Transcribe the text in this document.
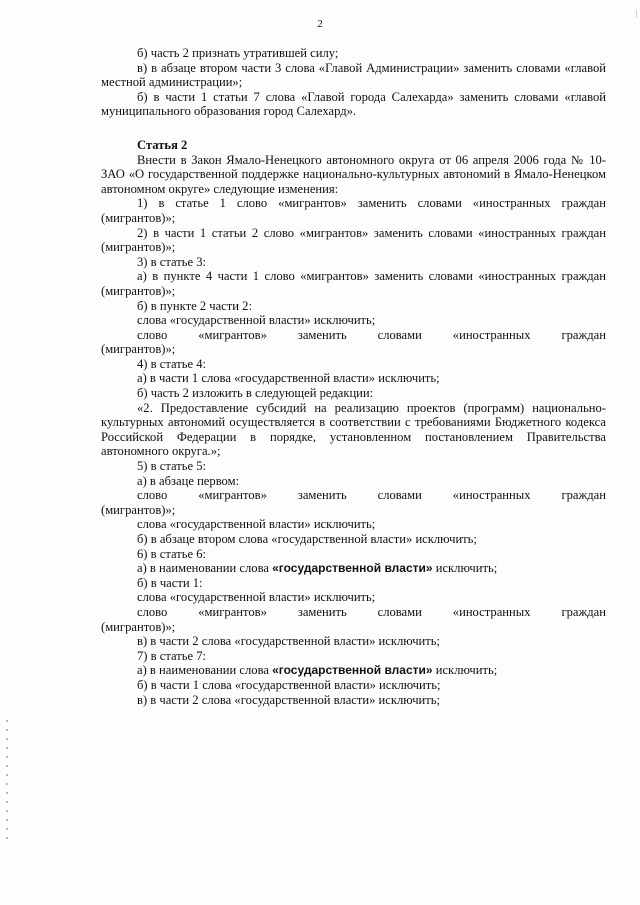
2

б) часть 2 признать утратившей силу;

в) в абзаце втором части 3 слова «Главой Администрации» заменить словами «главой местной администрации»;

б) в части 1 статьи 7 слова «Главой города Салехарда» заменить словами «главой муниципального образования город Салехард».

Статья 2

Внести в Закон Ямало-Ненецкого автономного округа от 06 апреля 2006 года № 10-ЗАО «О государственной поддержке национально-культурных автономий в Ямало-Ненецком автономном округе» следующие изменения:

1) в статье 1 слово «мигрантов» заменить словами «иностранных граждан (мигрантов)»;

2) в части 1 статьи 2 слово «мигрантов» заменить словами «иностранных граждан (мигрантов)»;

3) в статье 3:

а) в пункте 4 части 1 слово «мигрантов» заменить словами «иностранных граждан (мигрантов)»;

б) в пункте 2 части 2:

слова «государственной власти» исключить;

слово «мигрантов» заменить словами «иностранных граждан

(мигрантов)»;

4) в статье 4:

а) в части 1 слова «государственной власти» исключить;

б) часть 2 изложить в следующей редакции:

«2. Предоставление субсидий на реализацию проектов (программ) национально-культурных автономий осуществляется в соответствии с требованиями Бюджетного кодекса Российской Федерации в порядке, установленном постановлением Правительства автономного округа.»;

5) в статье 5:

а) в абзаце первом:

слово «мигрантов» заменить словами «иностранных граждан

(мигрантов)»;

слова «государственной власти» исключить;

б) в абзаце втором слова «государственной власти» исключить;

6) в статье 6:

а) в наименовании слова «государственной власти» исключить;

б) в части 1:

слова «государственной власти» исключить;

слово «мигрантов» заменить словами «иностранных граждан

(мигрантов)»;

в) в части 2 слова «государственной власти» исключить;

7) в статье 7:

а) в наименовании слова «государственной власти» исключить;

б) в части 1 слова «государственной власти» исключить;

в) в части 2 слова «государственной власти» исключить;
